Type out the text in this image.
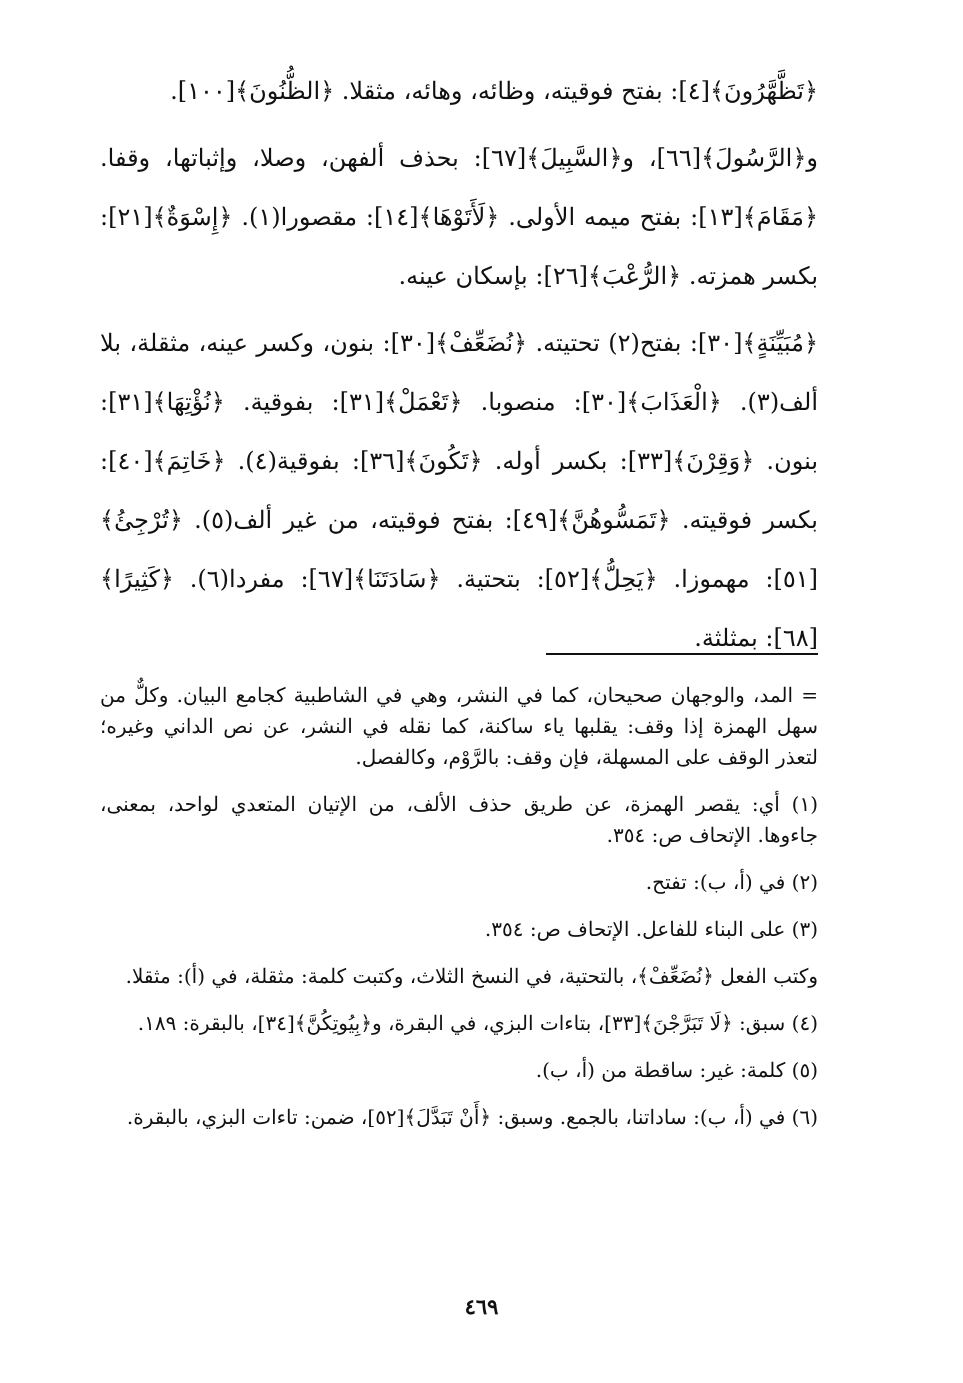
﴿تَظَّهَّرُونَ﴾[٤]: بفتح فوقيته، وظائه، وهائه، مثقلا. ﴿الظُّنُونَ﴾[١٠٠].

و﴿الرَّسُولَ﴾[٦٦]، و﴿السَّبِيلَ﴾[٦٧]: بحذف ألفهن، وصلا، وإثباتها، وقفا. ﴿مَقَامَ﴾[١٣]: بفتح ميمه الأولى. ﴿لَأَتَوْهَا﴾[١٤]: مقصورا(١). ﴿إِسْوَةٌ﴾[٢١]: بكسر همزته. ﴿الرُّعْبَ﴾[٢٦]: بإسكان عينه.

﴿مُبَيِّنَةٍ﴾[٣٠]: بفتح(٢) تحتيته. ﴿نُضَعِّفْ﴾[٣٠]: بنون، وكسر عينه، مثقلة، بلا ألف(٣). ﴿الْعَذَابَ﴾[٣٠]: منصوبا. ﴿تَعْمَلْ﴾[٣١]: بفوقية. ﴿نُؤْتِهَا﴾[٣١]: بنون. ﴿وَقِرْنَ﴾[٣٣]: بكسر أوله. ﴿تَكُونَ﴾[٣٦]: بفوقية(٤). ﴿خَاتِمَ﴾[٤٠]: بكسر فوقيته. ﴿تَمَسُّوهُنَّ﴾[٤٩]: بفتح فوقيته، من غير ألف(٥). ﴿تُرْجِئُ﴾[٥١]: مهموزا. ﴿يَحِلُّ﴾[٥٢]: بتحتية. ﴿سَادَتَنَا﴾[٦٧]: مفردا(٦). ﴿كَثِيرًا﴾ [٦٨]: بمثلثة.

= المد، والوجهان صحيحان، كما في النشر، وهي في الشاطبية كجامع البيان. وكلٌّ من سهل الهمزة إذا وقف: يقلبها ياء ساكنة، كما نقله في النشر، عن نص الداني وغيره؛ لتعذر الوقف على المسهلة، فإن وقف: بالرَّوْم، وكالفصل.

(١) أي: يقصر الهمزة، عن طريق حذف الألف، من الإتيان المتعدي لواحد، بمعنى، جاءوها. الإتحاف ص: ٣٥٤.

(٢) في (أ، ب): تفتح.

(٣) على البناء للفاعل. الإتحاف ص: ٣٥٤.

وكتب الفعل ﴿نُضَعِّفْ﴾، بالتحتية، في النسخ الثلاث، وكتبت كلمة: مثقلة، في (أ): مثقلا.

(٤) سبق: ﴿لَا تَبَرَّجْنَ﴾[٣٣]، بتاءات البزي، في البقرة، و﴿بِيُوتِكُنَّ﴾[٣٤]، بالبقرة: ١٨٩.

(٥) كلمة: غير: ساقطة من (أ، ب).

(٦) في (أ، ب): ساداتنا، بالجمع. وسبق: ﴿أَنْ تَبَدَّلَ﴾[٥٢]، ضمن: تاءات البزي، بالبقرة.

٤٦٩
